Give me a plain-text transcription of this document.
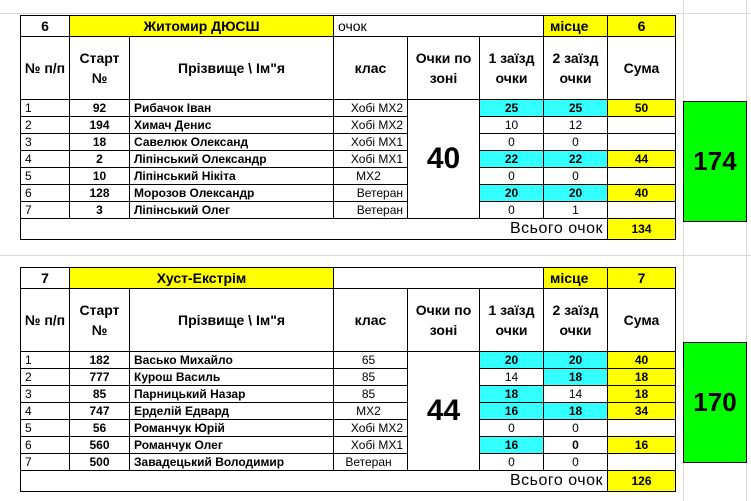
6	Житомир ДЮСШ		очок			місце	6
№ п/п	Старт №	Прізвище \ Ім"я	клас	Очки по зоні	1 заїзд очки	2 заїзд очки	Сума
1	92	Рибачок Іван	Хобі МХ2	40	25	25	50
2	194	Химач Денис	Хобі МХ2		10	12	
3	18	Савелюк Олександ	Хобі МХ1		0	0	
4	2	Ліпінський Олександр	Хобі МХ1		22	22	44
5	10	Ліпінський Нікіта	МХ2		0	0	
6	128	Морозов Олександр	Ветеран		20	20	40
7	3	Ліпінський Олег	Ветеран		0	1	
Всього очок							134
174
7	Хуст-Екстрім					місце	7
№ п/п	Старт №	Прізвище \ Ім"я	клас	Очки по зоні	1 заїзд очки	2 заїзд очки	Сума
1	182	Васько Михайло	65	44	20	20	40
2	777	Курош Василь	85		14	18	18
3	85	Парницький Назар	85		18	14	18
4	747	Ерделій Едвард	МХ2		16	18	34
5	56	Романчук Юрій	Хобі МХ2		0	0	
6	560	Романчук Олег	Хобі МХ1		16	0	16
7	500	Завадецький Володимир	Ветеран		0	0	
Всього очок							126
170
